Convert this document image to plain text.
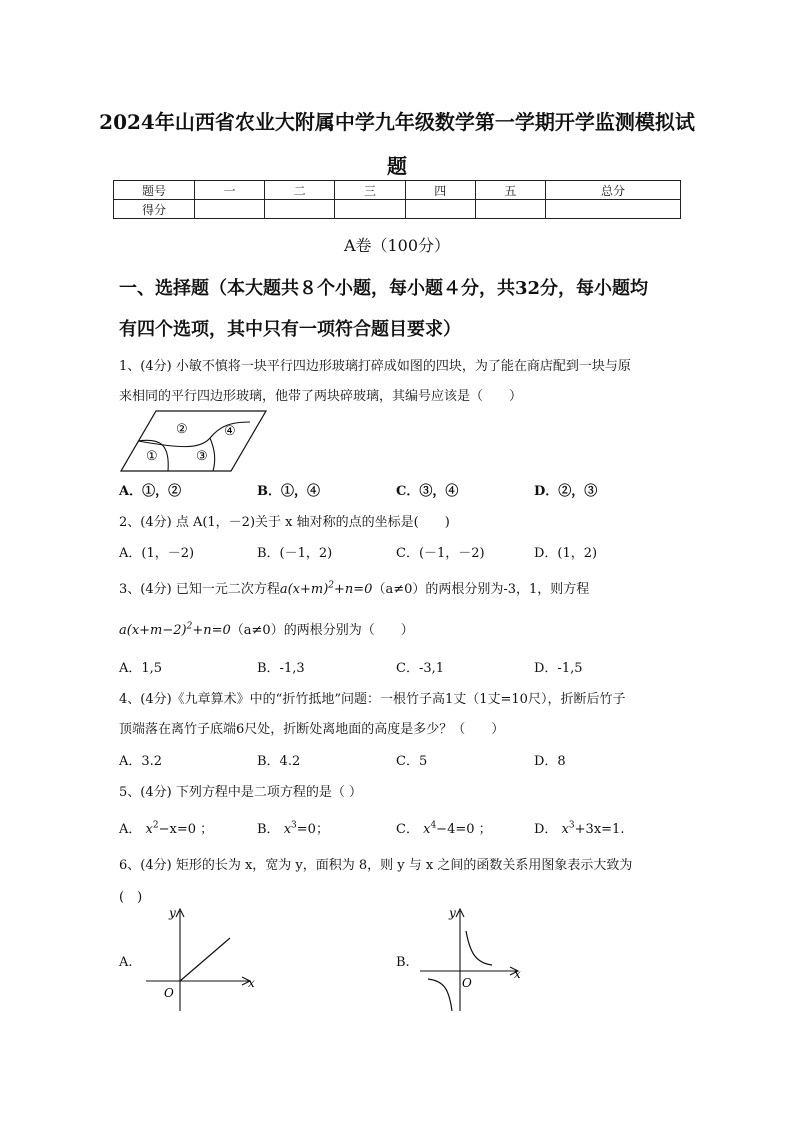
2024年山西省农业大附属中学九年级数学第一学期开学监测模拟试
题
题号	一	二	三	四	五	总分
得分						
A卷（100分）
一、选择题（本大题共８个小题，每小题４分，共32分，每小题均
有四个选项，其中只有一项符合题目要求）
1、(4分) 小敏不慎将一块平行四边形玻璃打碎成如图的四块，为了能在商店配到一块与原
来相同的平行四边形玻璃，他带了两块碎玻璃，其编号应该是（　　）
①
②
③
④
A．①，②	B．①，④	C．③，④	D．②，③
2、(4分) 点 A(1，－2)关于 x 轴对称的点的坐标是(　　)
A．(1，－2)	B．(－1，2)	C．(－1，－2)	D．(1，2)
3、(4分) 已知一元二次方程$a(x+m)^2+n=0(a\ne 0)$的两根分别为-3，1，则方程
$a(x+m-2)^2+n=0(a\ne 0)$的两根分别为（　　）
A．1,5	B．-1,3	C．-3,1	D．-1,5
4、(4分)《九章算术》中的“折竹抵地”问题：一根竹子高1丈（1丈=10尺），折断后竹子
顶端落在离竹子底端6尺处，折断处离地面的高度是多少？（　　）
A．3.2	B．4.2	C．5	D．8
5、(4分) 下列方程中是二项方程的是（ ）
A． $x^2-x=0$ ；	B． $x^3=0$；	C． $x^4-4=0$ ；	D． $x^3+3x=1$.
6、(4分) 矩形的长为 x，宽为 y，面积为 8，则 y 与 x 之间的函数关系用图象表示大致为
(　)
A.
y
x
O
B.
y
x
O
